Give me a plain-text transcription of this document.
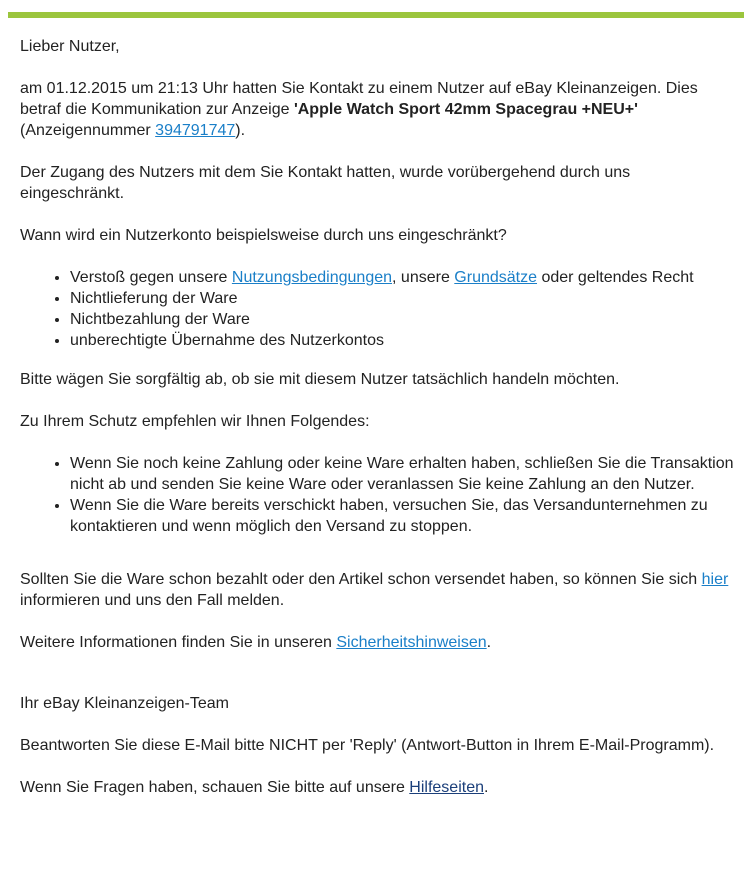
Lieber Nutzer,

am 01.12.2015 um 21:13 Uhr hatten Sie Kontakt zu einem Nutzer auf eBay Kleinanzeigen. Dies betraf die Kommunikation zur Anzeige 'Apple Watch Sport 42mm Spacegrau +NEU+' (Anzeigennummer 394791747).

Der Zugang des Nutzers mit dem Sie Kontakt hatten, wurde vorübergehend durch uns eingeschränkt.

Wann wird ein Nutzerkonto beispielsweise durch uns eingeschränkt?

• Verstoß gegen unsere Nutzungsbedingungen, unsere Grundsätze oder geltendes Recht
• Nichtlieferung der Ware
• Nichtbezahlung der Ware
• unberechtigte Übernahme des Nutzerkontos

Bitte wägen Sie sorgfältig ab, ob sie mit diesem Nutzer tatsächlich handeln möchten.

Zu Ihrem Schutz empfehlen wir Ihnen Folgendes:

• Wenn Sie noch keine Zahlung oder keine Ware erhalten haben, schließen Sie die Transaktion nicht ab und senden Sie keine Ware oder veranlassen Sie keine Zahlung an den Nutzer.
• Wenn Sie die Ware bereits verschickt haben, versuchen Sie, das Versandunternehmen zu kontaktieren und wenn möglich den Versand zu stoppen.

Sollten Sie die Ware schon bezahlt oder den Artikel schon versendet haben, so können Sie sich hier informieren und uns den Fall melden.

Weitere Informationen finden Sie in unseren Sicherheitshinweisen.

Ihr eBay Kleinanzeigen-Team

Beantworten Sie diese E-Mail bitte NICHT per 'Reply' (Antwort-Button in Ihrem E-Mail-Programm).

Wenn Sie Fragen haben, schauen Sie bitte auf unsere Hilfeseiten.
